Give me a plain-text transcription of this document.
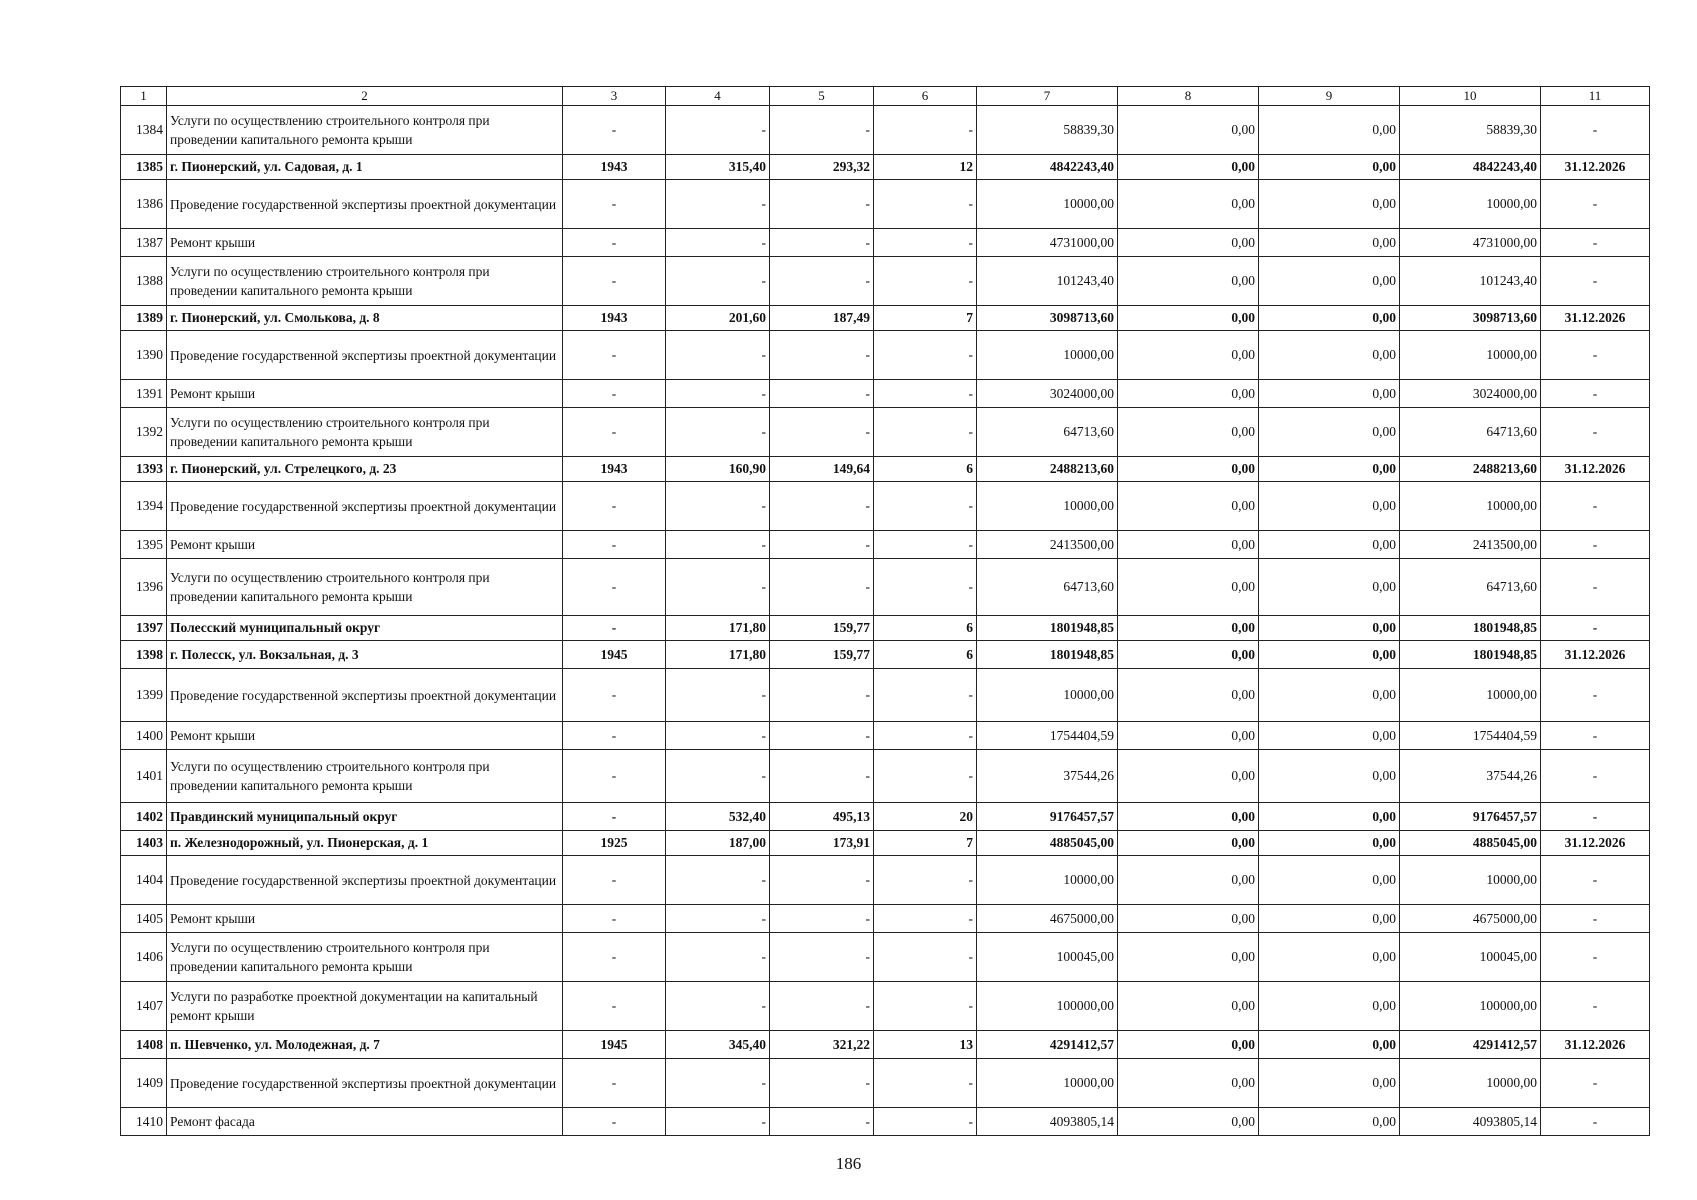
1	2	3	4	5	6	7	8	9	10	11
1384	Услуги по осуществлению строительного контроля при проведении капитального ремонта крыши	-	-	-	-	58839,30	0,00	0,00	58839,30	-
1385	г. Пионерский, ул. Садовая, д. 1	1943	315,40	293,32	12	4842243,40	0,00	0,00	4842243,40	31.12.2026
1386	Проведение государственной экспертизы проектной документации	-	-	-	-	10000,00	0,00	0,00	10000,00	-
1387	Ремонт крыши	-	-	-	-	4731000,00	0,00	0,00	4731000,00	-
1388	Услуги по осуществлению строительного контроля при проведении капитального ремонта крыши	-	-	-	-	101243,40	0,00	0,00	101243,40	-
1389	г. Пионерский, ул. Смолькова, д. 8	1943	201,60	187,49	7	3098713,60	0,00	0,00	3098713,60	31.12.2026
1390	Проведение государственной экспертизы проектной документации	-	-	-	-	10000,00	0,00	0,00	10000,00	-
1391	Ремонт крыши	-	-	-	-	3024000,00	0,00	0,00	3024000,00	-
1392	Услуги по осуществлению строительного контроля при проведении капитального ремонта крыши	-	-	-	-	64713,60	0,00	0,00	64713,60	-
1393	г. Пионерский, ул. Стрелецкого, д. 23	1943	160,90	149,64	6	2488213,60	0,00	0,00	2488213,60	31.12.2026
1394	Проведение государственной экспертизы проектной документации	-	-	-	-	10000,00	0,00	0,00	10000,00	-
1395	Ремонт крыши	-	-	-	-	2413500,00	0,00	0,00	2413500,00	-
1396	Услуги по осуществлению строительного контроля при проведении капитального ремонта крыши	-	-	-	-	64713,60	0,00	0,00	64713,60	-
1397	Полесский муниципальный округ	-	171,80	159,77	6	1801948,85	0,00	0,00	1801948,85	-
1398	г. Полесск, ул. Вокзальная, д. 3	1945	171,80	159,77	6	1801948,85	0,00	0,00	1801948,85	31.12.2026
1399	Проведение государственной экспертизы проектной документации	-	-	-	-	10000,00	0,00	0,00	10000,00	-
1400	Ремонт крыши	-	-	-	-	1754404,59	0,00	0,00	1754404,59	-
1401	Услуги по осуществлению строительного контроля при проведении капитального ремонта крыши	-	-	-	-	37544,26	0,00	0,00	37544,26	-
1402	Правдинский муниципальный округ	-	532,40	495,13	20	9176457,57	0,00	0,00	9176457,57	-
1403	п. Железнодорожный, ул. Пионерская, д. 1	1925	187,00	173,91	7	4885045,00	0,00	0,00	4885045,00	31.12.2026
1404	Проведение государственной экспертизы проектной документации	-	-	-	-	10000,00	0,00	0,00	10000,00	-
1405	Ремонт крыши	-	-	-	-	4675000,00	0,00	0,00	4675000,00	-
1406	Услуги по осуществлению строительного контроля при проведении капитального ремонта крыши	-	-	-	-	100045,00	0,00	0,00	100045,00	-
1407	Услуги по разработке проектной документации на капитальный ремонт крыши	-	-	-	-	100000,00	0,00	0,00	100000,00	-
1408	п. Шевченко, ул. Молодежная, д. 7	1945	345,40	321,22	13	4291412,57	0,00	0,00	4291412,57	31.12.2026
1409	Проведение государственной экспертизы проектной документации	-	-	-	-	10000,00	0,00	0,00	10000,00	-
1410	Ремонт фасада	-	-	-	-	4093805,14	0,00	0,00	4093805,14	-
186
